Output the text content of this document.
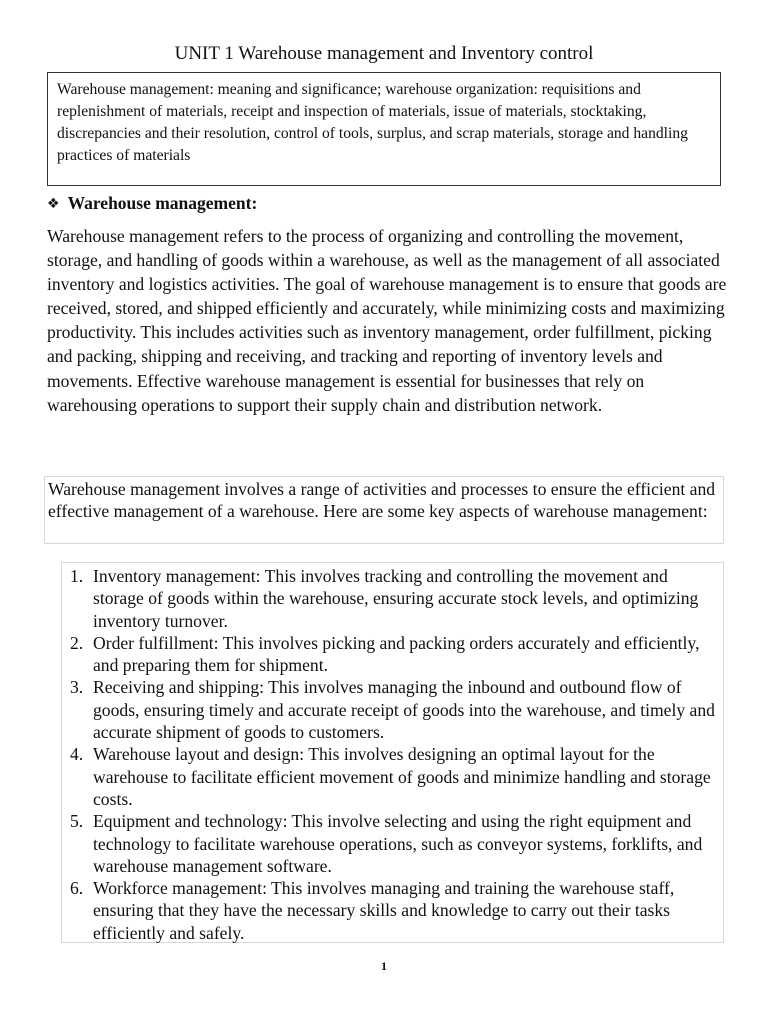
UNIT 1 Warehouse management and Inventory control
Warehouse management: meaning and significance; warehouse organization: requisitions and replenishment of materials, receipt and inspection of materials, issue of materials, stocktaking, discrepancies and their resolution, control of tools, surplus, and scrap materials, storage and handling practices of materials
❖ Warehouse management:
Warehouse management refers to the process of organizing and controlling the movement, storage, and handling of goods within a warehouse, as well as the management of all associated inventory and logistics activities. The goal of warehouse management is to ensure that goods are received, stored, and shipped efficiently and accurately, while minimizing costs and maximizing productivity. This includes activities such as inventory management, order fulfillment, picking and packing, shipping and receiving, and tracking and reporting of inventory levels and movements. Effective warehouse management is essential for businesses that rely on warehousing operations to support their supply chain and distribution network.
Warehouse management involves a range of activities and processes to ensure the efficient and effective management of a warehouse. Here are some key aspects of warehouse management:
1. Inventory management: This involves tracking and controlling the movement and storage of goods within the warehouse, ensuring accurate stock levels, and optimizing inventory turnover.
2. Order fulfillment: This involves picking and packing orders accurately and efficiently, and preparing them for shipment.
3. Receiving and shipping: This involves managing the inbound and outbound flow of goods, ensuring timely and accurate receipt of goods into the warehouse, and timely and accurate shipment of goods to customers.
4. Warehouse layout and design: This involves designing an optimal layout for the warehouse to facilitate efficient movement of goods and minimize handling and storage costs.
5. Equipment and technology: This involve selecting and using the right equipment and technology to facilitate warehouse operations, such as conveyor systems, forklifts, and warehouse management software.
6. Workforce management: This involves managing and training the warehouse staff, ensuring that they have the necessary skills and knowledge to carry out their tasks efficiently and safely.
1
